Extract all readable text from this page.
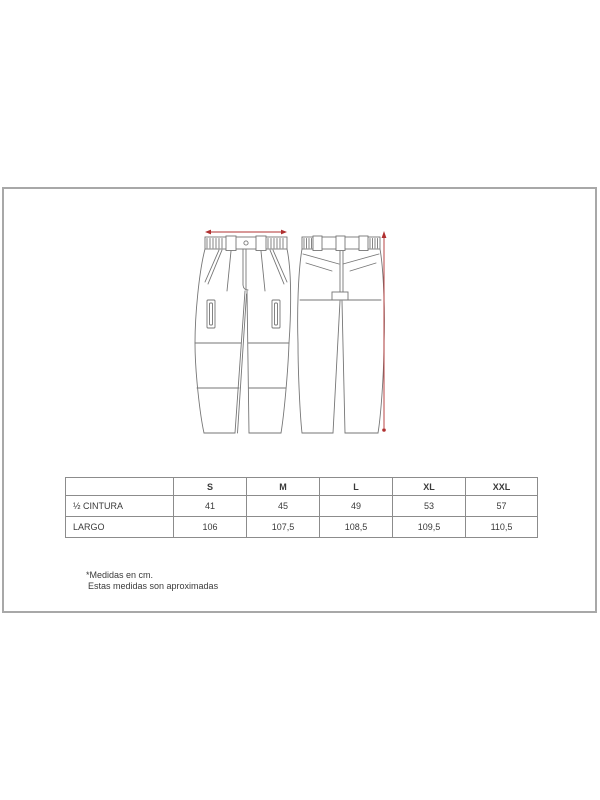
	S	M	L	XL	XXL
½ CINTURA	41	45	49	53	57
LARGO	106	107,5	108,5	109,5	110,5
*Medidas en cm.
Estas medidas son aproximadas
